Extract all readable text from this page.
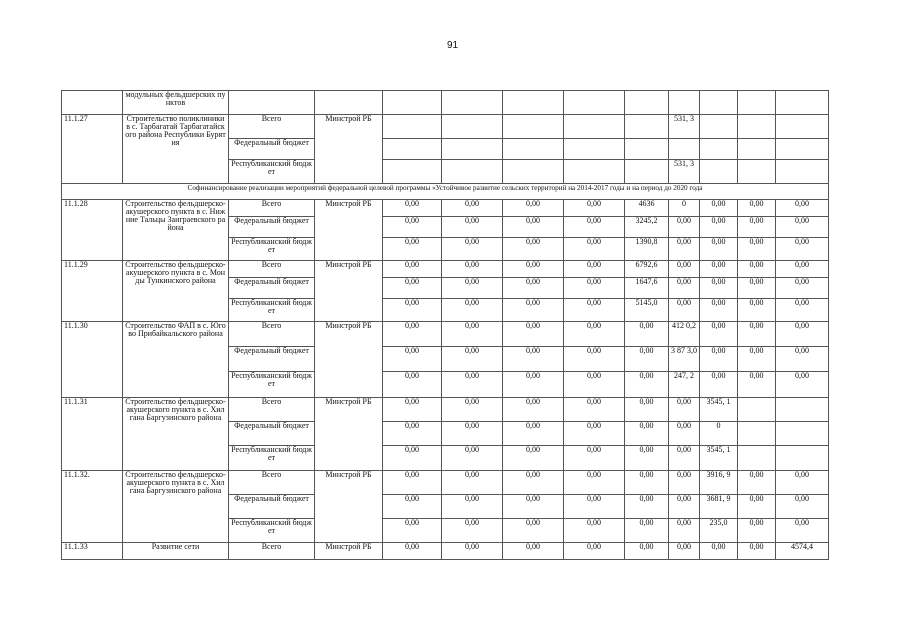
91
	модульных фельдшерских пунктов											
11.1.27	Строительство поликлиники в с. Тарбагатай Тарбагатайского района Республики Бурятия	Всего	Минстрой РБ						531, 3			
		Федеральный бюджет										
		Республиканский бюджет							531, 3			
Софинансирование реализации мероприятий федеральной целевой программы «Устойчивое развитие сельских территорий на 2014-2017 годы и на период до 2020 года												
11.1.28	Строительство фельдшерско-акушерского пункта в с. Нижние Тальцы Заиграевского района	Всего	Минстрой РБ	0,00	0,00	0,00	0,00	4636	0	0,00	0,00	0,00
		Федеральный бюджет		0,00	0,00	0,00	0,00	3245,2	0,00	0,00	0,00	0,00
		Республиканский бюджет		0,00	0,00	0,00	0,00	1390,8	0,00	0,00	0,00	0,00
11.1.29	Строительство фельдшерско-акушерского пункта в с. Монды Тункинского района	Всего	Минстрой РБ	0,00	0,00	0,00	0,00	6792,6	0,00	0,00	0,00	0,00
		Федеральный бюджет		0,00	0,00	0,00	0,00	1647,6	0,00	0,00	0,00	0,00
		Республиканский бюджет		0,00	0,00	0,00	0,00	5145,0	0,00	0,00	0,00	0,00
11.1.30	Строительство ФАП в с. Югово Прибайкальского района	Всего	Минстрой РБ	0,00	0,00	0,00	0,00	0,00	412 0,2	0,00	0,00	0,00
		Федеральный бюджет		0,00	0,00	0,00	0,00	0,00	3 87 3,0	0,00	0,00	0,00
		Республиканский бюджет		0,00	0,00	0,00	0,00	0,00	247, 2	0,00	0,00	0,00
11.1.31	Строительство фельдшерско-акушерского пункта в с. Хилгана Баргузинского района	Всего	Минстрой РБ	0,00	0,00	0,00	0,00	0,00	0,00	3545, 1		
		Федеральный бюджет		0,00	0,00	0,00	0,00	0,00	0,00	0		
		Республиканский бюджет		0,00	0,00	0,00	0,00	0,00	0,00	3545, 1		
11.1.32.	Строительство фельдшерско-акушерского пункта в с. Хилгана Баргузинского района	Всего	Минстрой РБ	0,00	0,00	0,00	0,00	0,00	0,00	3916, 9	0,00	0,00
		Федеральный бюджет		0,00	0,00	0,00	0,00	0,00	0,00	3681, 9	0,00	0,00
		Республиканский бюджет		0,00	0,00	0,00	0,00	0,00	0,00	235,0	0,00	0,00
11.1.33	Развитие сети	Всего	Минстрой РБ	0,00	0,00	0,00	0,00	0,00	0,00	0,00	0,00	4574,4
